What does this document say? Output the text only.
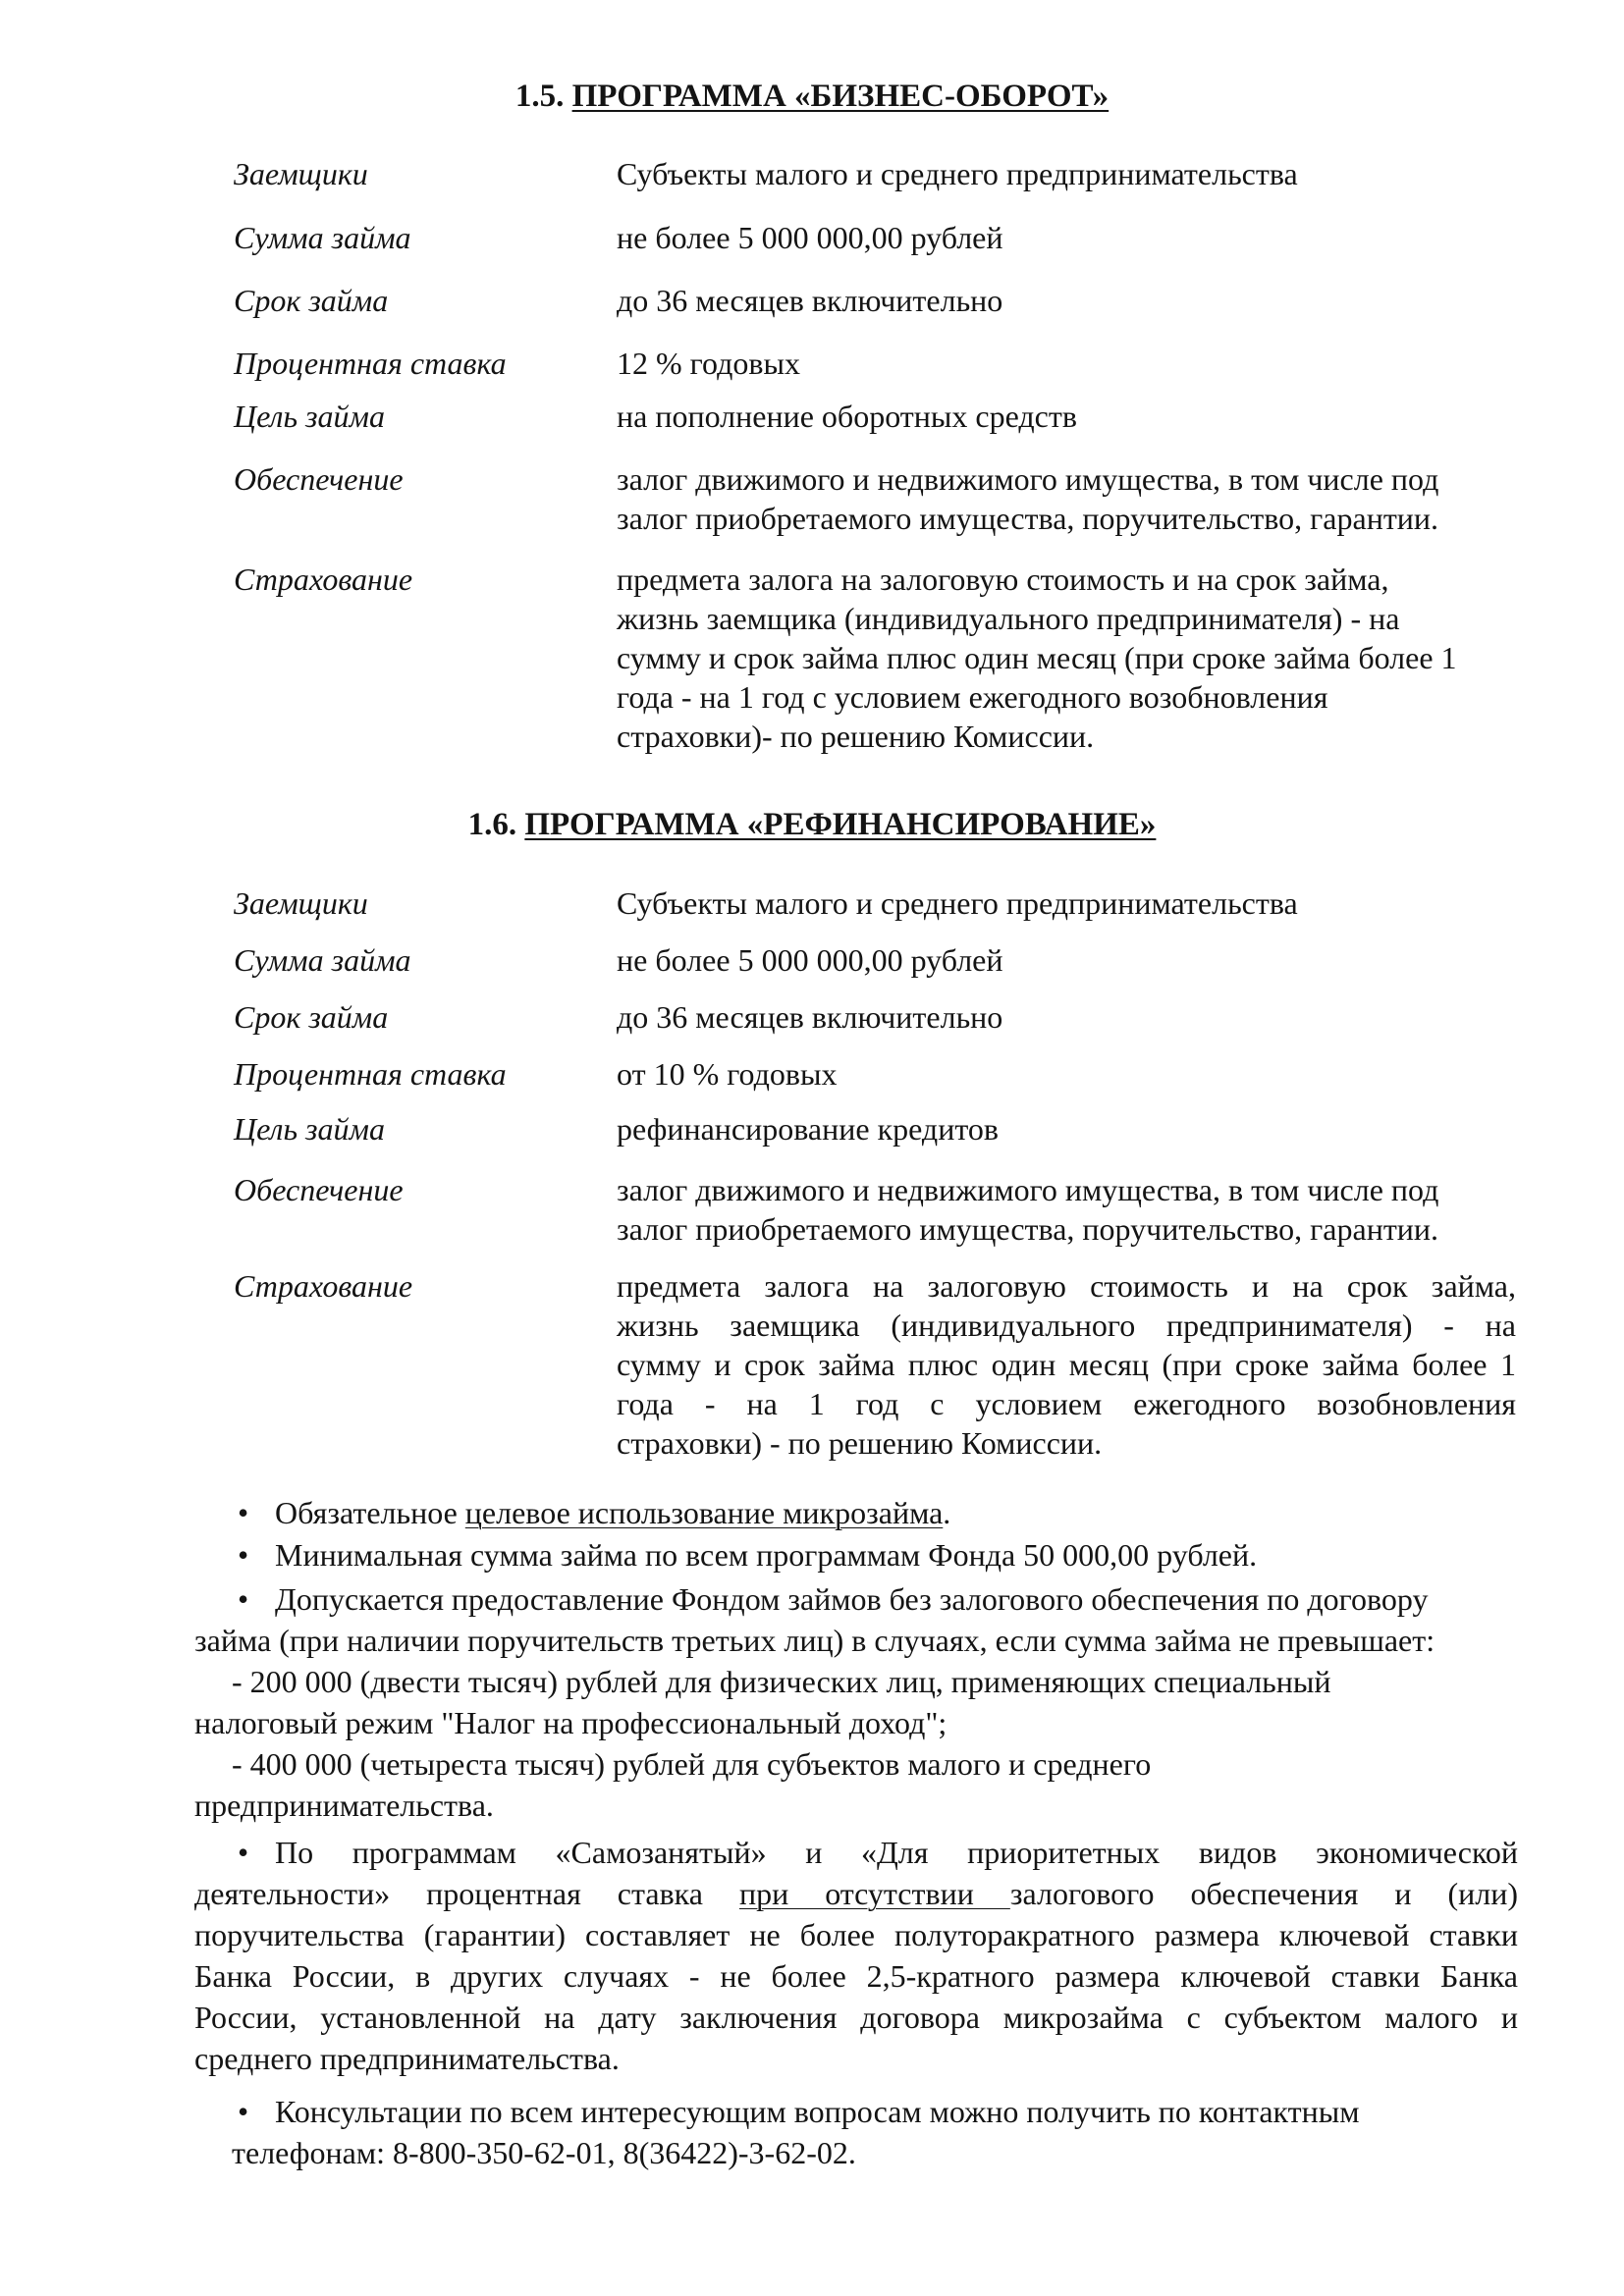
1.5. ПРОГРАММА «БИЗНЕС-ОБОРОТ»
Заемщики	Субъекты малого и среднего предпринимательства
Сумма займа	не более 5 000 000,00 рублей
Срок займа	до 36 месяцев включительно
Процентная ставка	12 % годовых
Цель займа	на пополнение оборотных средств
Обеспечение	залог движимого и недвижимого имущества, в том числе под
залог приобретаемого имущества, поручительство, гарантии.
Страхование	предмета залога на залоговую стоимость и на срок займа,
жизнь заемщика (индивидуального предпринимателя) - на
сумму и срок займа плюс один месяц (при сроке займа более 1
года - на 1 год с условием ежегодного возобновления
страховки)- по решению Комиссии.
1.6. ПРОГРАММА «РЕФИНАНСИРОВАНИЕ»
Заемщики	Субъекты малого и среднего предпринимательства
Сумма займа	не более 5 000 000,00 рублей
Срок займа	до 36 месяцев включительно
Процентная ставка	от 10 % годовых
Цель займа	рефинансирование кредитов
Обеспечение	залог движимого и недвижимого имущества, в том числе под
залог приобретаемого имущества, поручительство, гарантии.
Страхование	предмета залога на залоговую стоимость и на срок займа,
жизнь заемщика (индивидуального предпринимателя) - на
сумму и срок займа плюс один месяц (при сроке займа более 1
года - на 1 год с условием ежегодного возобновления
страховки) - по решению Комиссии.
• Обязательное целевое использование микрозайма.
• Минимальная сумма займа по всем программам Фонда 50 000,00 рублей.
• Допускается предоставление Фондом займов без залогового обеспечения по договору
займа (при наличии поручительств третьих лиц) в случаях, если сумма займа не превышает:
- 200 000 (двести тысяч) рублей для физических лиц, применяющих специальный
налоговый режим "Налог на профессиональный доход";
- 400 000 (четыреста тысяч) рублей для субъектов малого и среднего
предпринимательства.
• По программам «Самозанятый» и «Для приоритетных видов экономической
деятельности» процентная ставка при отсутствии залогового обеспечения и (или)
поручительства (гарантии) составляет не более полуторакратного размера ключевой ставки
Банка России, в других случаях - не более 2,5-кратного размера ключевой ставки Банка
России, установленной на дату заключения договора микрозайма с субъектом малого и
среднего предпринимательства.
• Консультации по всем интересующим вопросам можно получить по контактным
телефонам: 8-800-350-62-01, 8(36422)-3-62-02.
